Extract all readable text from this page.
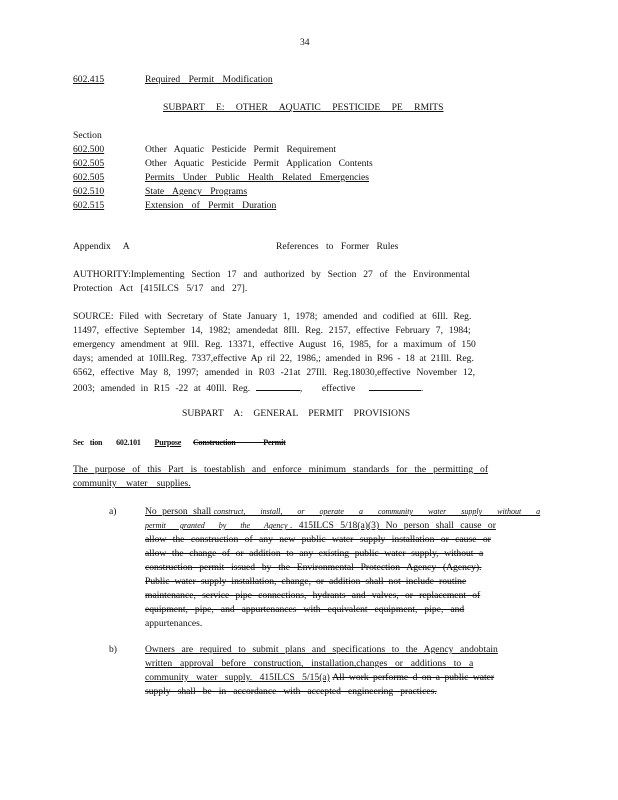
34
602.415	Required Permit Modification
SUBPART E: OTHER AQUATIC PESTICIDE PE RMITS
Section
602.500	Other Aquatic Pesticide Permit Requirement
602.505	Other Aquatic Pesticide Permit Application Contents
602.505	Permits Under Public Health Related Emergencies
602.510	State Agency Programs
602.515	Extension of Permit Duration
Appendix A	References to Former Rules
AUTHORITY:Implementing Section 17 and authorized by Section 27 of the Environmental
Protection Act [415ILCS 5/17 and 27].
SOURCE: Filed with Secretary of State January 1, 1978; amended and codified at 6Ill. Reg.
11497, effective September 14, 1982; amendedat 8Ill. Reg. 2157, effective February 7, 1984;
emergency amendment at 9Ill. Reg. 13371, effective August 16, 1985, for a maximum of 150
days; amended at 10Ill.Reg. 7337,effective Ap ril 22, 1986,; amended in R96 - 18 at 21Ill. Reg.
6562, effective May 8, 1997; amended in R03 -21at 27Ill. Reg.18030,effective November 12,
2003; amended in R15 -22 at 40Ill. Reg.	, effective	.
SUBPART A: GENERAL PERMIT PROVISIONS
Sec tion 602.101 Purpose Construction Permit
The purpose of this Part is toestablish and enforce minimum standards for the permitting of
community water supplies.
a)	No person shall construct, install, or operate a community water supply without a
permit granted by the Agency . 415ILCS 5/18(a)(3) No person shall cause or
allow the construction of any new public water supply installation or cause or
allow the change of or addition to any existing public water supply, without a
construction permit issued by the Environmental Protection Agency (Agency).
Public water supply installation, change, or addition shall not include routine
maintenance, service pipe connections, hydrants and valves, or replacement of
equipment, pipe, and appurtenances with equivalent equipment, pipe, and
appurtenances.
b)	Owners are required to submit plans and specifications to the Agency andobtain
written approval before construction, installation,changes or additions to a
community water supply. 415ILCS 5/15(a) All work performe d on a public water
supply shall be in accordance with accepted engineering practices.
